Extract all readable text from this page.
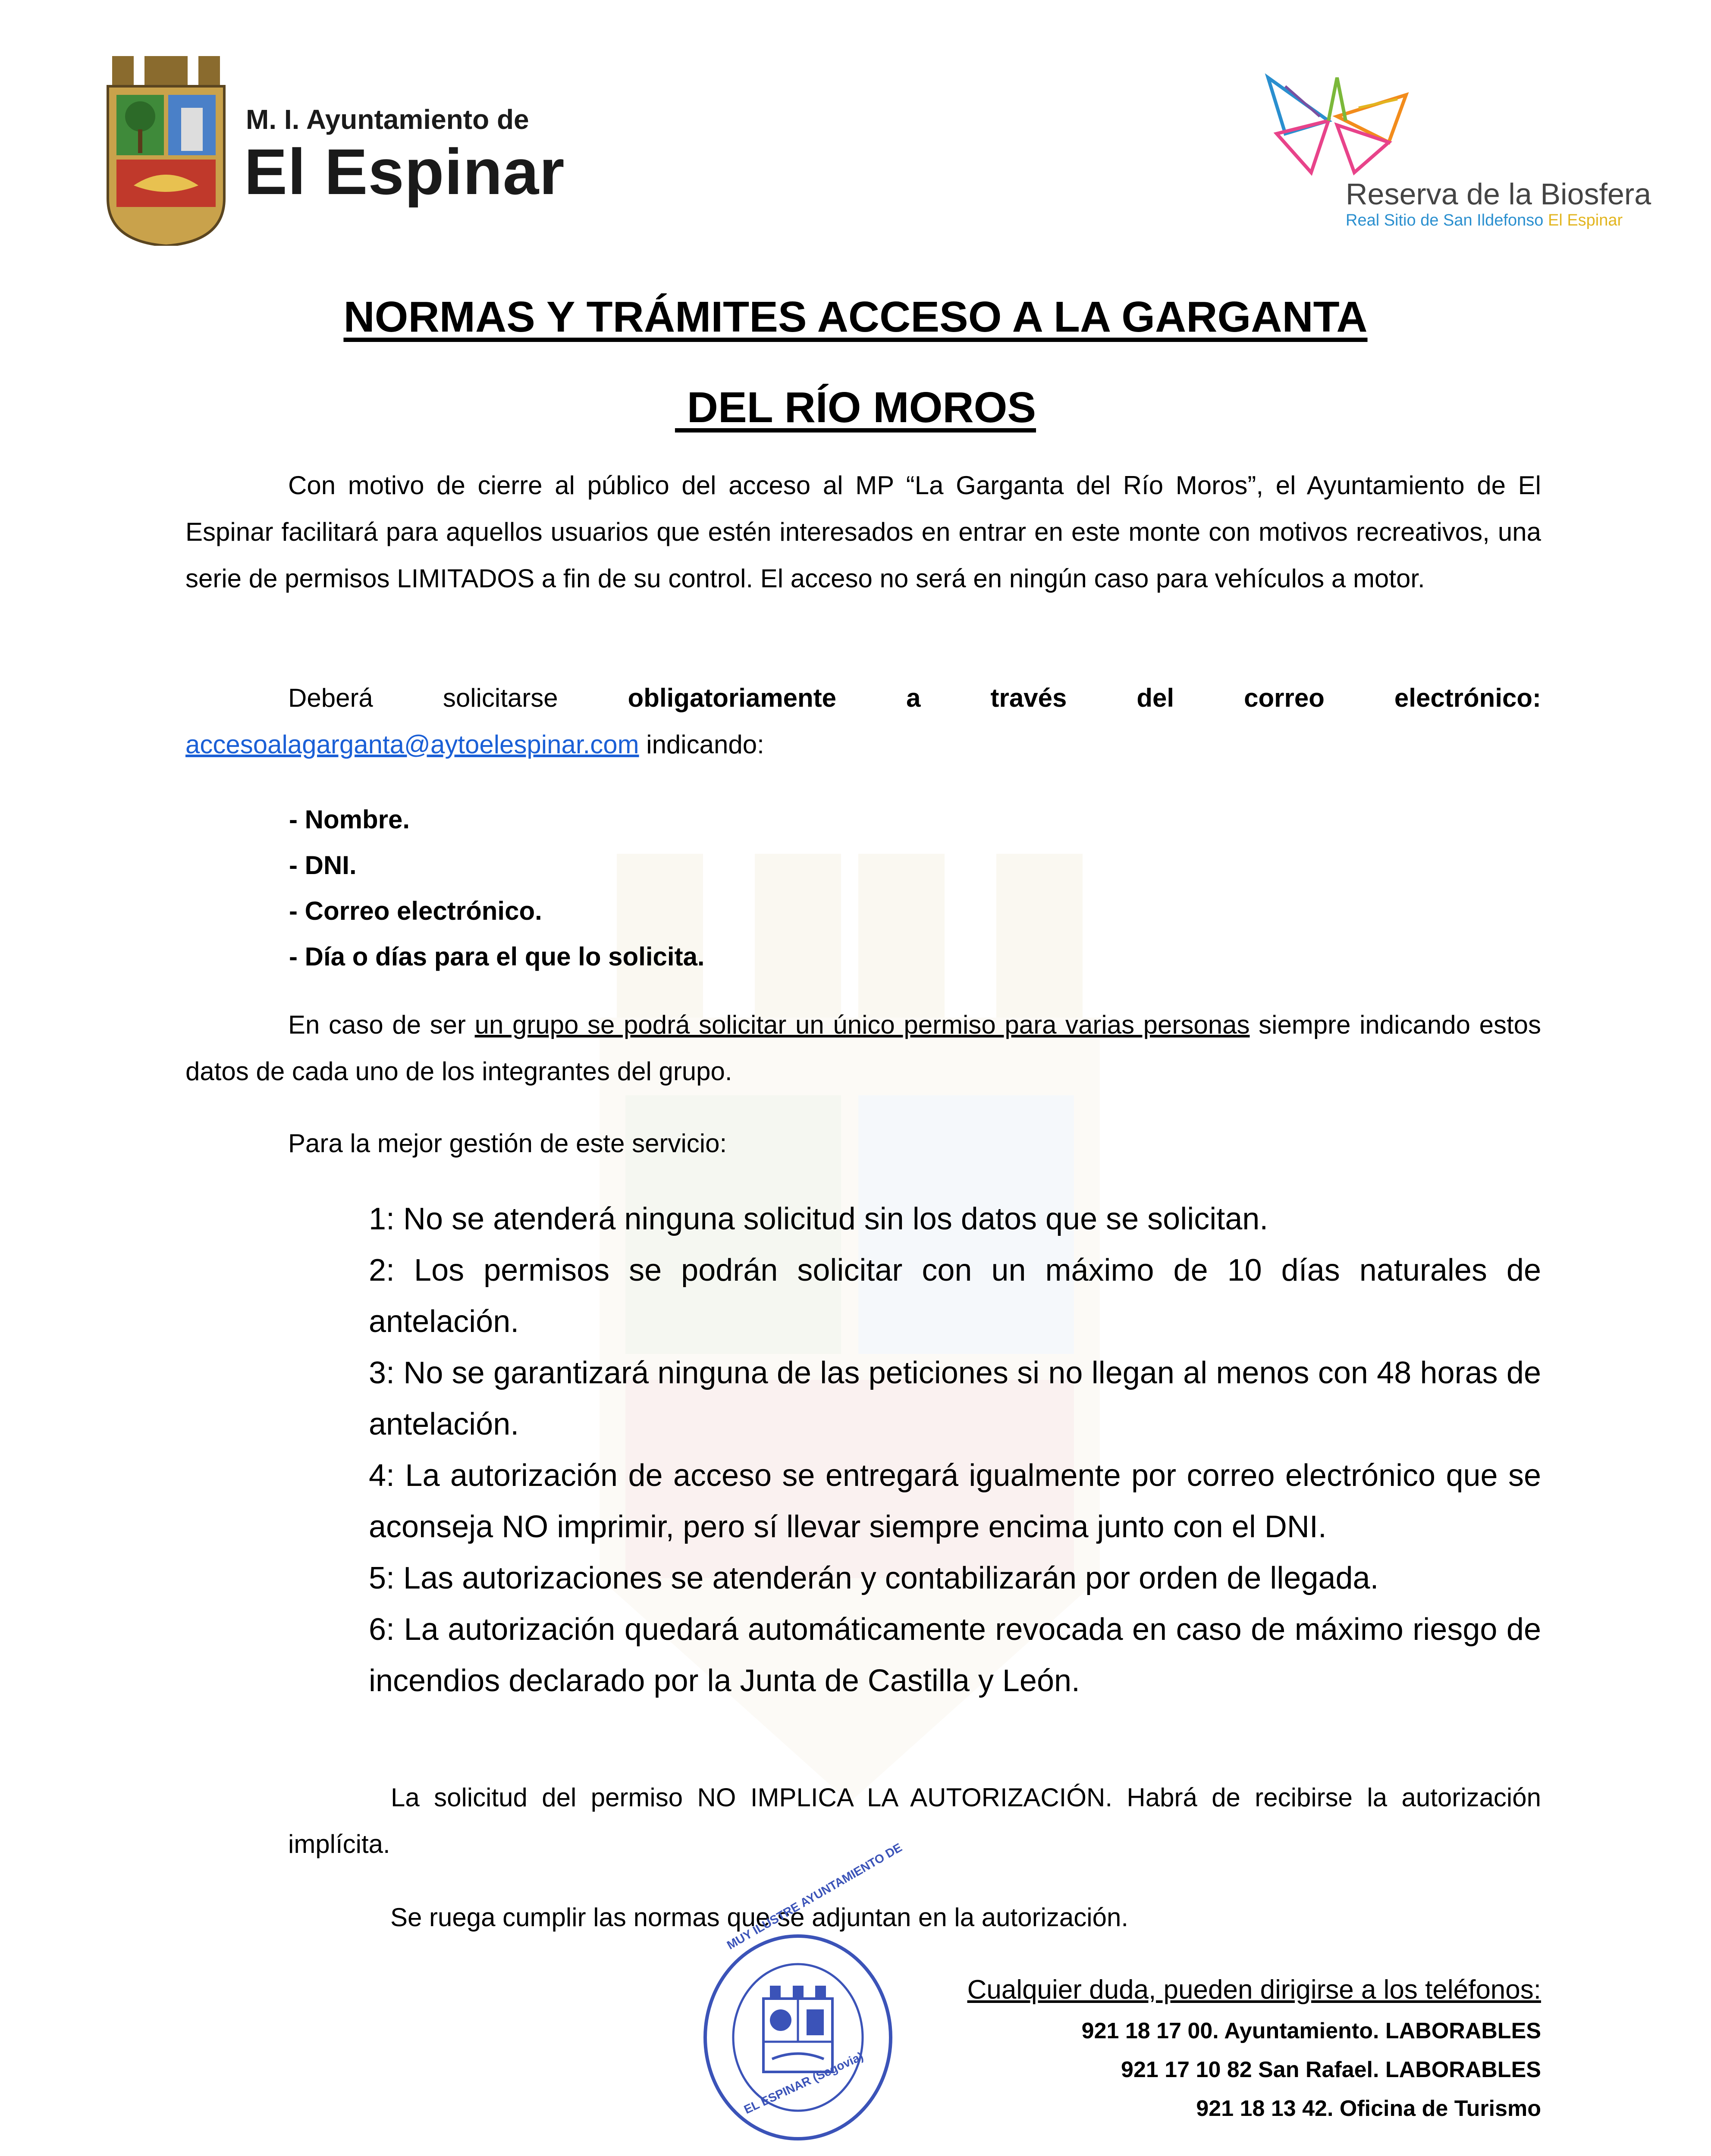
M. I. Ayuntamiento de
El Espinar	Reserva de la Biosfera
Real Sitio de San Ildefonso El Espinar
NORMAS Y TRÁMITES ACCESO A LA GARGANTA
DEL RÍO MOROS

Con motivo de cierre al público del acceso al MP “La Garganta del Río Moros”, el Ayuntamiento de El Espinar facilitará para aquellos usuarios que estén interesados en entrar en este monte con motivos recreativos, una serie de permisos LIMITADOS a fin de su control. El acceso no será en ningún caso para vehículos a motor.

Deberá solicitarse obligatoriamente a través del correo electrónico:

accesoalagarganta@aytoelespinar.com indicando:

- Nombre.
- DNI.
- Correo electrónico.
- Día o días para el que lo solicita.

En caso de ser un grupo se podrá solicitar un único permiso para varias personas siempre indicando estos datos de cada uno de los integrantes del grupo.

Para la mejor gestión de este servicio:
1: No se atenderá ninguna solicitud sin los datos que se solicitan.
2: Los permisos se podrán solicitar con un máximo de 10 días naturales de antelación.
3: No se garantizará ninguna de las peticiones si no llegan al menos con 48 horas de antelación.
4: La autorización de acceso se entregará igualmente por correo electrónico que se aconseja NO imprimir, pero sí llevar siempre encima junto con el DNI.
5: Las autorizaciones se atenderán y contabilizarán por orden de llegada.
6: La autorización quedará automáticamente revocada en caso de máximo riesgo de incendios declarado por la Junta de Castilla y León.

La solicitud del permiso NO IMPLICA LA AUTORIZACIÓN. Habrá de recibirse la autorización implícita.

Se ruega cumplir las normas que se adjuntan en la autorización.
MUY ILUSTRE AYUNTAMIENTO DE
EL ESPINAR (Segovia)
Cualquier duda, pueden dirigirse a los teléfonos:
921 18 17 00. Ayuntamiento. LABORABLES
921 17 10 82 San Rafael. LABORABLES
921 18 13 42. Oficina de Turismo
